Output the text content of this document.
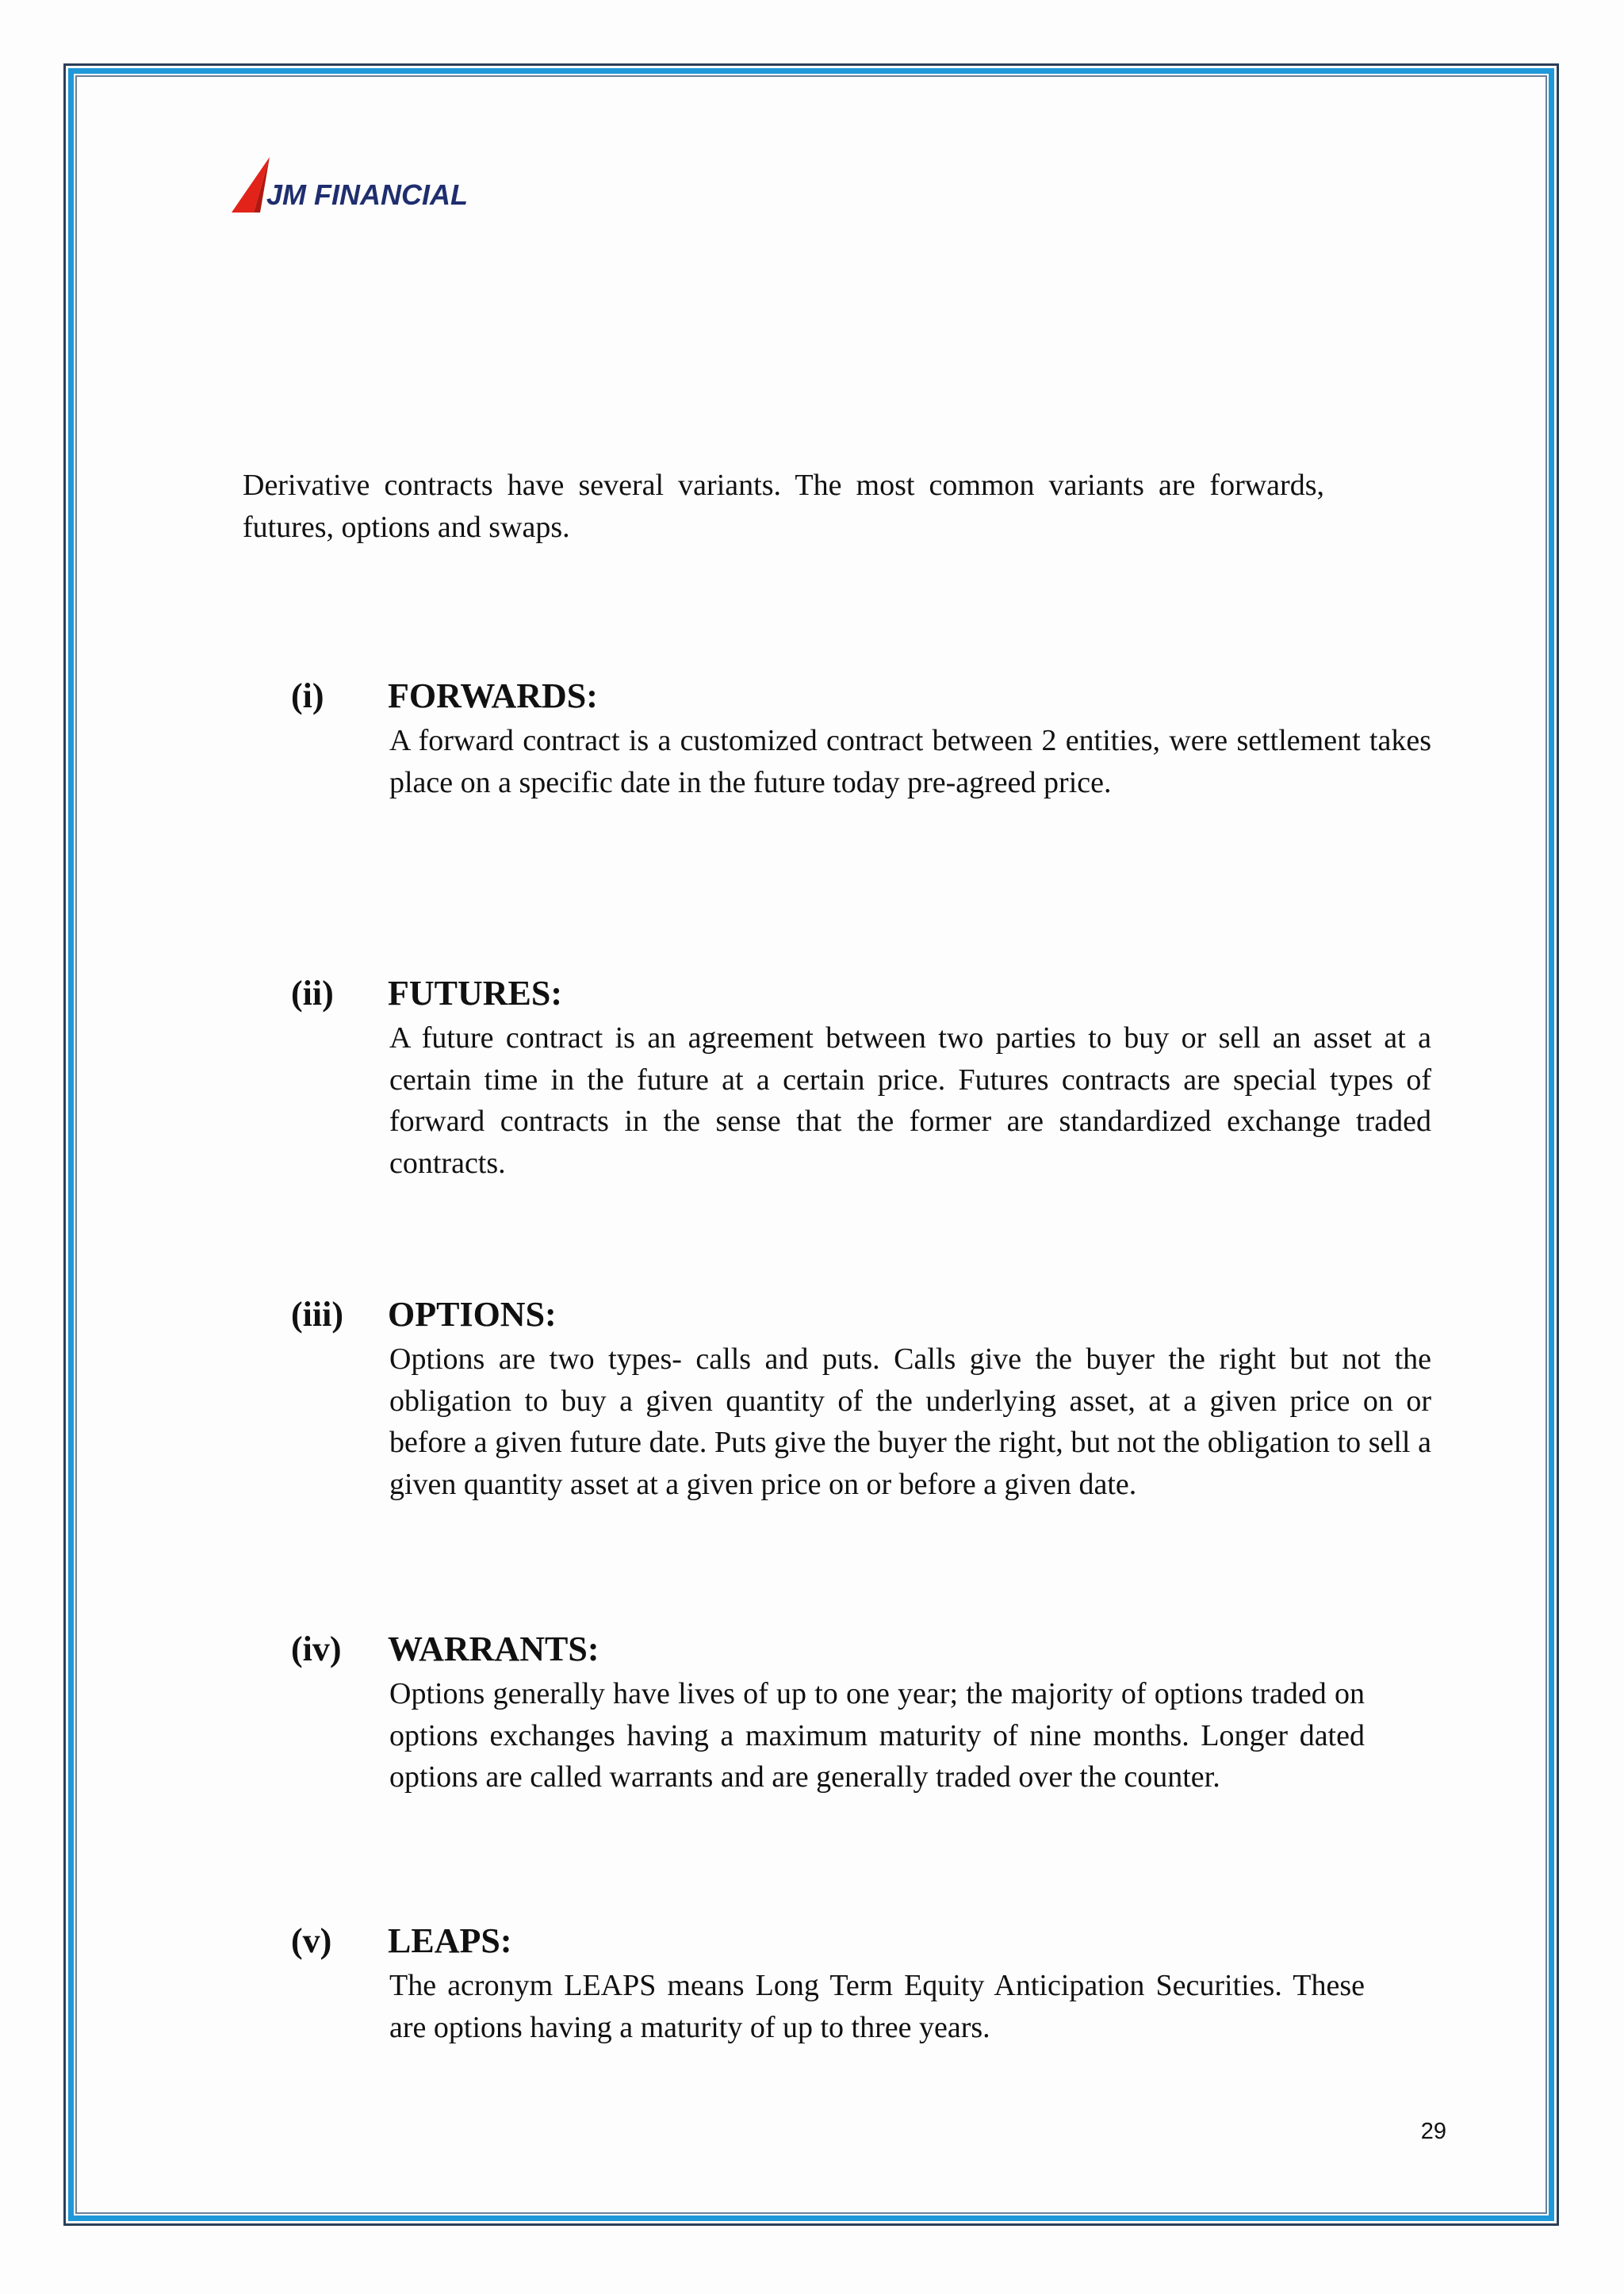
JM FINANCIAL

Derivative contracts have several variants. The most common variants are forwards, futures, options and swaps.

(i) FORWARDS:

A forward contract is a customized contract between 2 entities, were settlement takes place on a specific date in the future today pre-agreed price.

(ii) FUTURES:

A future contract is an agreement between two parties to buy or sell an asset at a certain time in the future at a certain price. Futures contracts are special types of forward contracts in the sense that the former are standardized exchange traded contracts.

(iii) OPTIONS:

Options are two types- calls and puts. Calls give the buyer the right but not the obligation to buy a given quantity of the underlying asset, at a given price on or before a given future date. Puts give the buyer the right, but not the obligation to sell a given quantity asset at a given price on or before a given date.

(iv) WARRANTS:

Options generally have lives of up to one year; the majority of options traded on options exchanges having a maximum maturity of nine months. Longer dated options are called warrants and are generally traded over the counter.

(v) LEAPS:

The acronym LEAPS means Long Term Equity Anticipation Securities. These are options having a maturity of up to three years.

29
